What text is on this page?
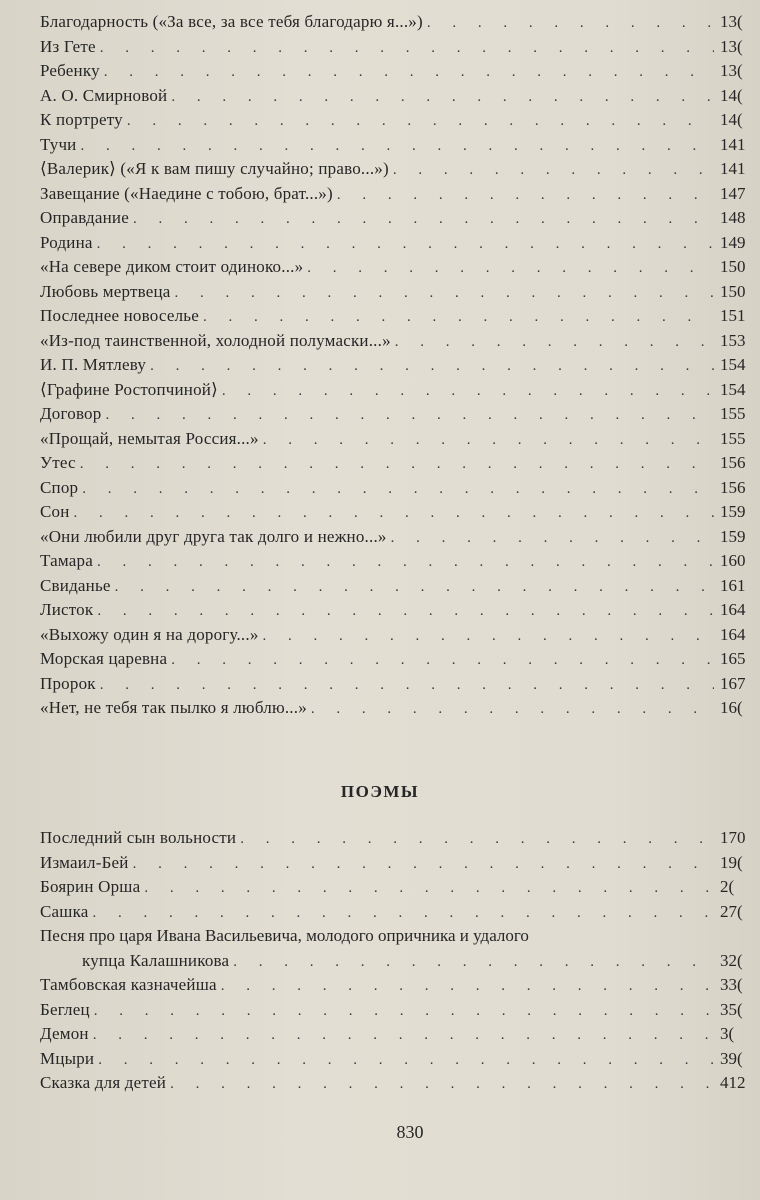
Благодарность («За все, за все тебя благодарю я...») . . .	13(
Из Гете . . .	13(
Ребенку . . .	13(
А. О. Смирновой . . .	14(
К портрету . . .	14(
Тучи . . .	141
⟨Валерик⟩ («Я к вам пишу случайно; право...») . . .	141
Завещание («Наедине с тобою, брат...») . . .	147
Оправдание . . .	148
Родина . . .	149
«На севере диком стоит одиноко...» . . .	150
Любовь мертвеца . . .	150
Последнее новоселье . . .	151
«Из-под таинственной, холодной полумаски...» . . .	153
И. П. Мятлеву . . .	154
⟨Графине Ростопчиной⟩ . . .	154
Договор . . .	155
«Прощай, немытая Россия...» . . .	155
Утес . . .	156
Спор . . .	156
Сон . . .	159
«Они любили друг друга так долго и нежно...» . . .	159
Тамара . . .	160
Свиданье . . .	161
Листок . . .	164
«Выхожу один я на дорогу...» . . .	164
Морская царевна . . .	165
Пророк . . .	167
«Нет, не тебя так пылко я люблю...» . . .	16(
ПОЭМЫ
Последний сын вольности . . .	170
Измаил-Бей . . .	19(
Боярин Орша . . .	2(
Сашка . . .	27(
Песня про царя Ивана Васильевича, молодого опричника и удалого
купца Калашникова . . .	32(
Тамбовская казначейша . . .	33(
Беглец . . .	35(
Демон . . .	3(
Мцыри . . .	39(
Сказка для детей . . .	412

830
